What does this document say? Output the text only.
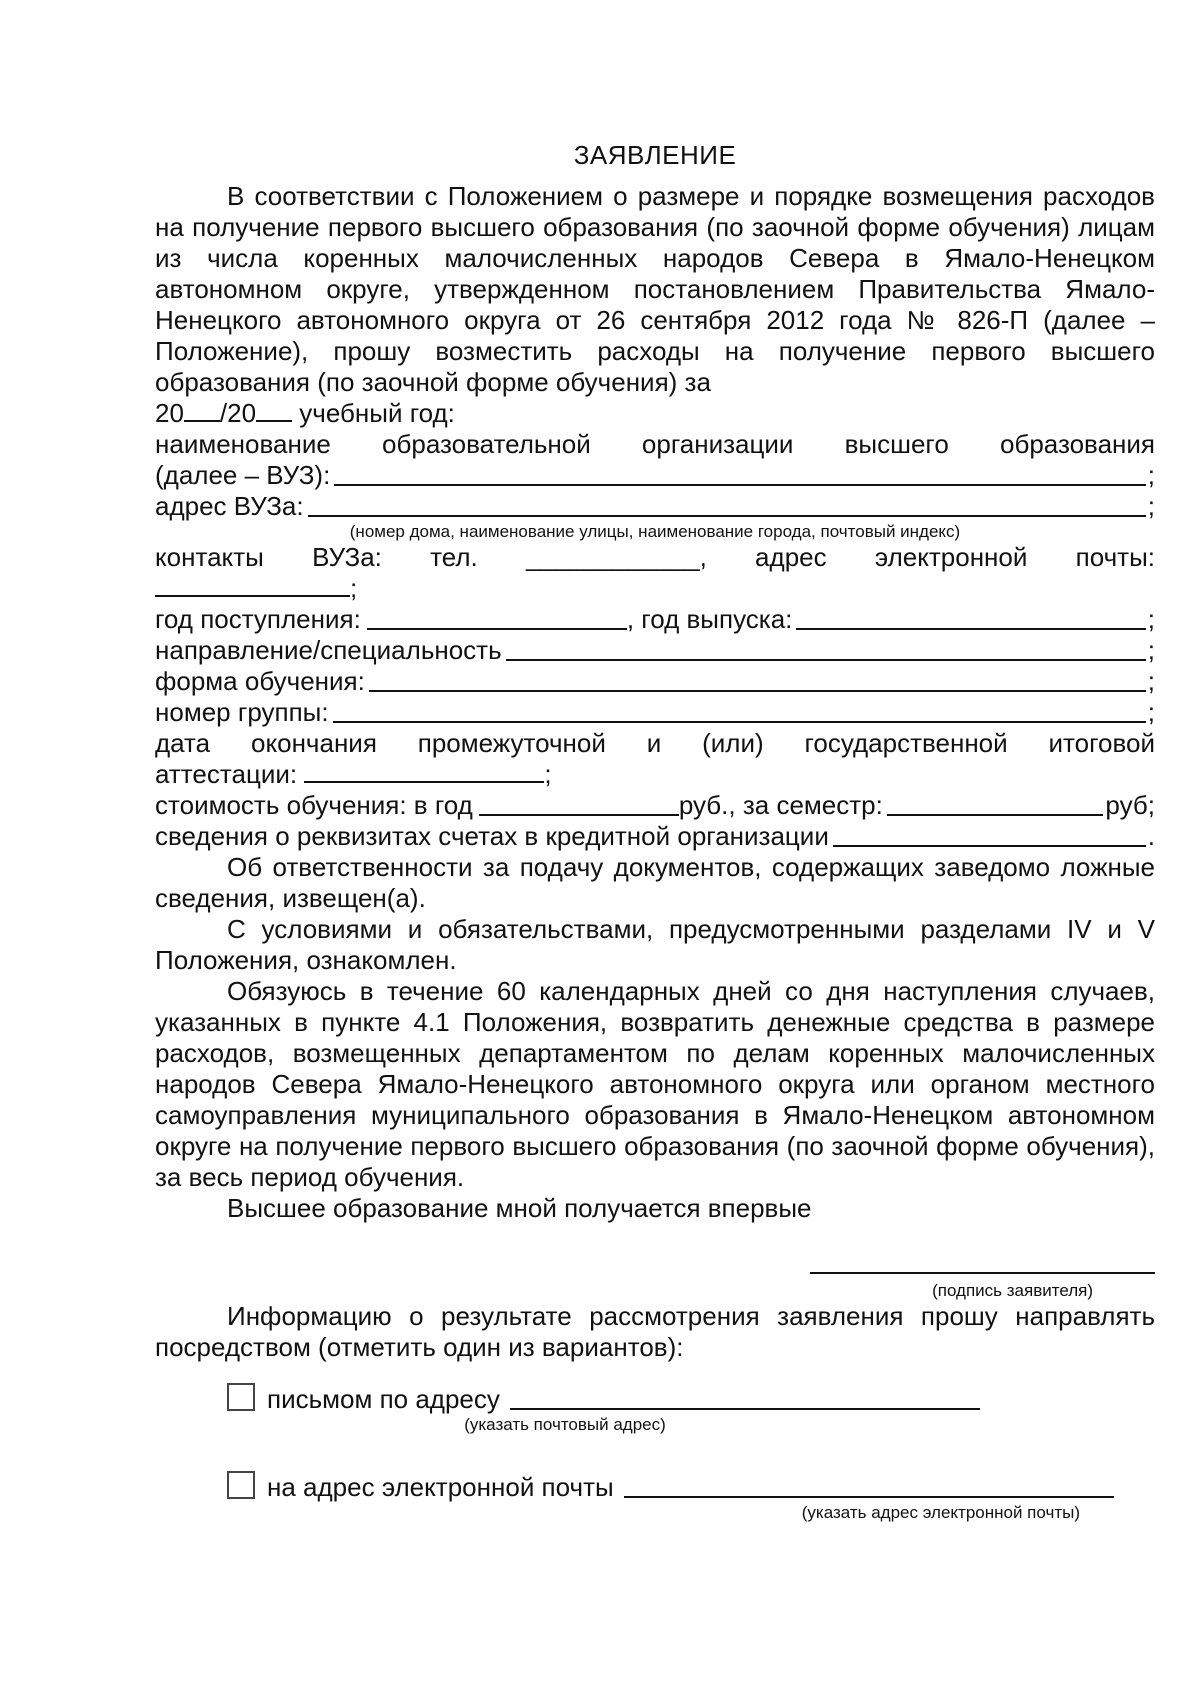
ЗАЯВЛЕНИЕ

В соответствии с Положением о размере и порядке возмещения расходов на получение первого высшего образования (по заочной форме обучения) лицам из числа коренных малочисленных народов Севера в Ямало-Ненецком автономном округе, утвержденном постановлением Правительства Ямало-Ненецкого автономного округа от 26 сентября 2012 года № 826-П (далее – Положение), прошу возместить расходы на получение первого высшего образования (по заочной форме обучения) за

20 /20 учебный год:

наименование образовательной организации высшего образования

(далее – ВУЗ):	;
адрес ВУЗа:	;

(номер дома, наименование улицы, наименование города, почтовый индекс)

контакты ВУЗа: тел. ____________, адрес электронной почты:

;

год поступления:	, год выпуска:	;
направление/специальность	;
форма обучения:	;
номер группы:	;

дата окончания промежуточной и (или) государственной итоговой

аттестации:	;

стоимость обучения: в год	руб., за семестр:	руб;
сведения о реквизитах счетах в кредитной организации	.

Об ответственности за подачу документов, содержащих заведомо ложные сведения, извещен(а).

С условиями и обязательствами, предусмотренными разделами IV и V Положения, ознакомлен.

Обязуюсь в течение 60 календарных дней со дня наступления случаев, указанных в пункте 4.1 Положения, возвратить денежные средства в размере расходов, возмещенных департаментом по делам коренных малочисленных народов Севера Ямало-Ненецкого автономного округа или органом местного самоуправления муниципального образования в Ямало-Ненецком автономном округе на получение первого высшего образования (по заочной форме обучения), за весь период обучения.

Высшее образование мной получается впервые

(подпись заявителя)

Информацию о результате рассмотрения заявления прошу направлять посредством (отметить один из вариантов):

письмом по адресу

(указать почтовый адрес)

на адрес электронной почты

(указать адрес электронной почты)
